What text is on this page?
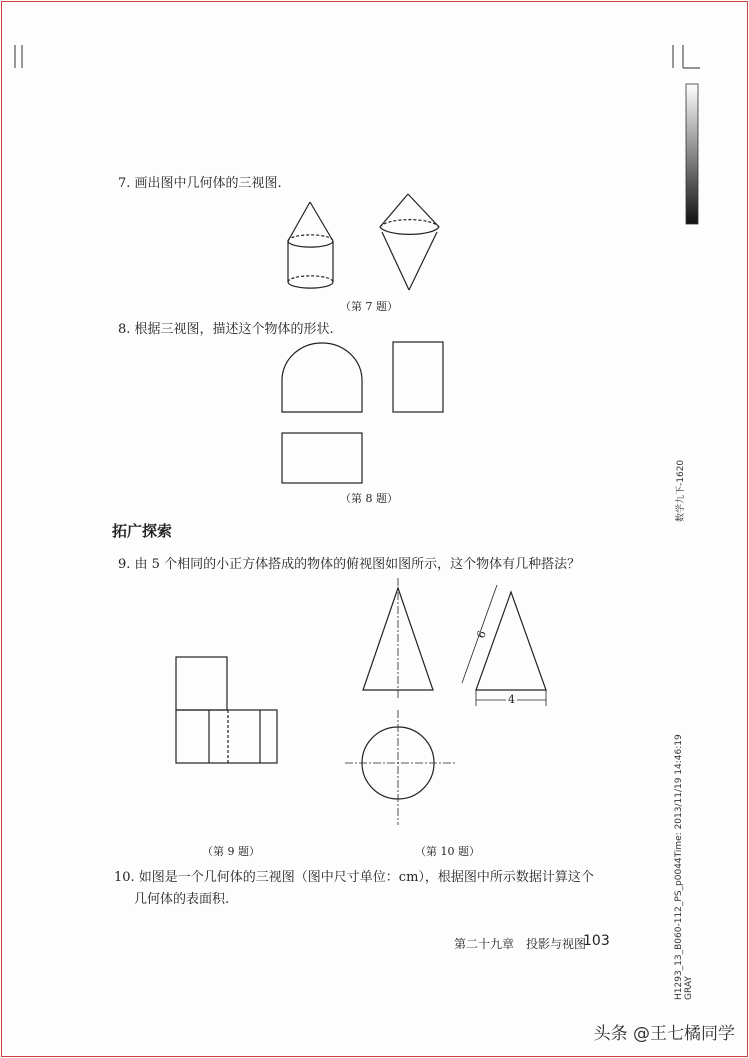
7. 画出图中几何体的三视图.
（第 7 题）
8. 根据三视图，描述这个物体的形状.
（第 8 题）
拓广探索
9. 由 5 个相同的小正方体搭成的物体的俯视图如图所示，这个物体有几种搭法？
（第 9 题）	（第 10 题）
6
4
10. 如图是一个几何体的三视图（图中尺寸单位：cm），根据图中所示数据计算这个
几何体的表面积.
第二十九章　投影与视图
103
数学九下-1620
H1293_13_B060-112_PS_p0044Time: 2013/11/19 14:46:19 GRAY
头条 @王七橘同学
